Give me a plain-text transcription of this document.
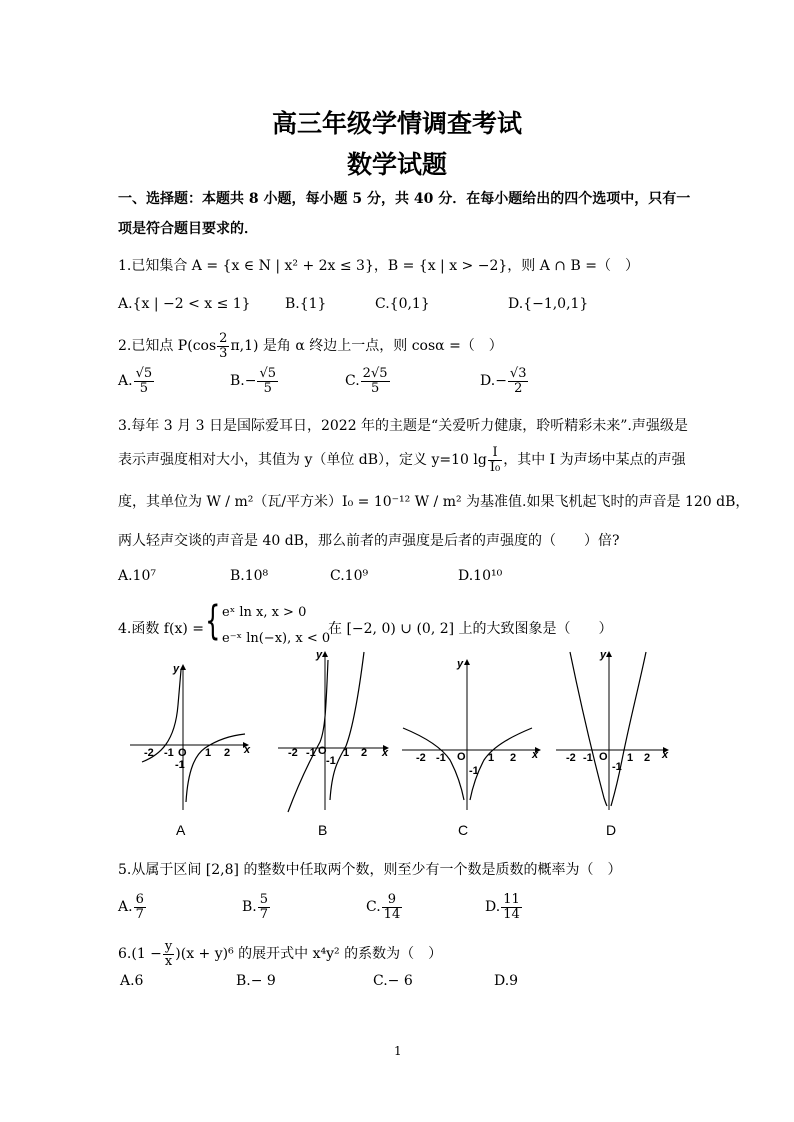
高三年级学情调查考试
数学试题
一、选择题：本题共 8 小题，每小题 5 分，共 40 分．在每小题给出的四个选项中，只有一
项是符合题目要求的．
1.已知集合 A = {x ∈ N | x² + 2x ≤ 3}，B = {x | x > −2}，则 A ∩ B =（　）
A.{x | −2 < x ≤ 1} B.{1}	C.{0,1}	D.{−1,0,1}
2.已知点 $P(\cos \frac{2}{3} \pi,1)$ 是角 α 终边上一点，则 cosα =（　）
A. $\frac{√5}{5}$	$B.- \frac{√5}{5}$	C. $\frac{2√5}{5}$	$D.- \frac{√3}{2}$
3.每年 3 月 3 日是国际爱耳日，2022 年的主题是“关爱听力健康，聆听精彩未来”.声强级是
表示声强度相对大小，其值为 y（单位 dB），定义 y=10 $\lg \frac{I}{\text{I₀}}$ ，其中 I 为声场中某点的声强
度，其单位为 W / m²（瓦/平方米）I₀ = 10⁻¹² W / m² 为基准值.如果飞机起飞时的声音是 120 dB，
两人轻声交谈的声音是 40 dB，那么前者的声强度是后者的声强度的（　　）倍?
A.10⁷	B.10⁸	C.10⁹	D.10¹⁰
4.函数 f(x) = { eˣ ln x, x > 0
e⁻ˣ ln(−x), x < 0
在 [−2, 0) ∪ (0, 2] 上的大致图象是（　　）
-2 -1 O 1 2
-1
x
y
-2 -1 O 1 2
-1
x
y
-2 -1 O 1 2
-1
x
y
-2 -1 O 1 2
-1
x
y
A	B	C	D
5.从属于区间 [2,8] 的整数中任取两个数，则至少有一个数是质数的概率为（　）
A. $\frac{6}{7}$	B. $\frac{5}{7}$	C. $\frac{9}{14}$	D. $\frac{11}{14}$
$6.(1 - \frac{y}{x} )(x + y)^6$ 的展开式中 x⁴y² 的系数为（　）
A.6	B.− 9	C.− 6	D.9
1
